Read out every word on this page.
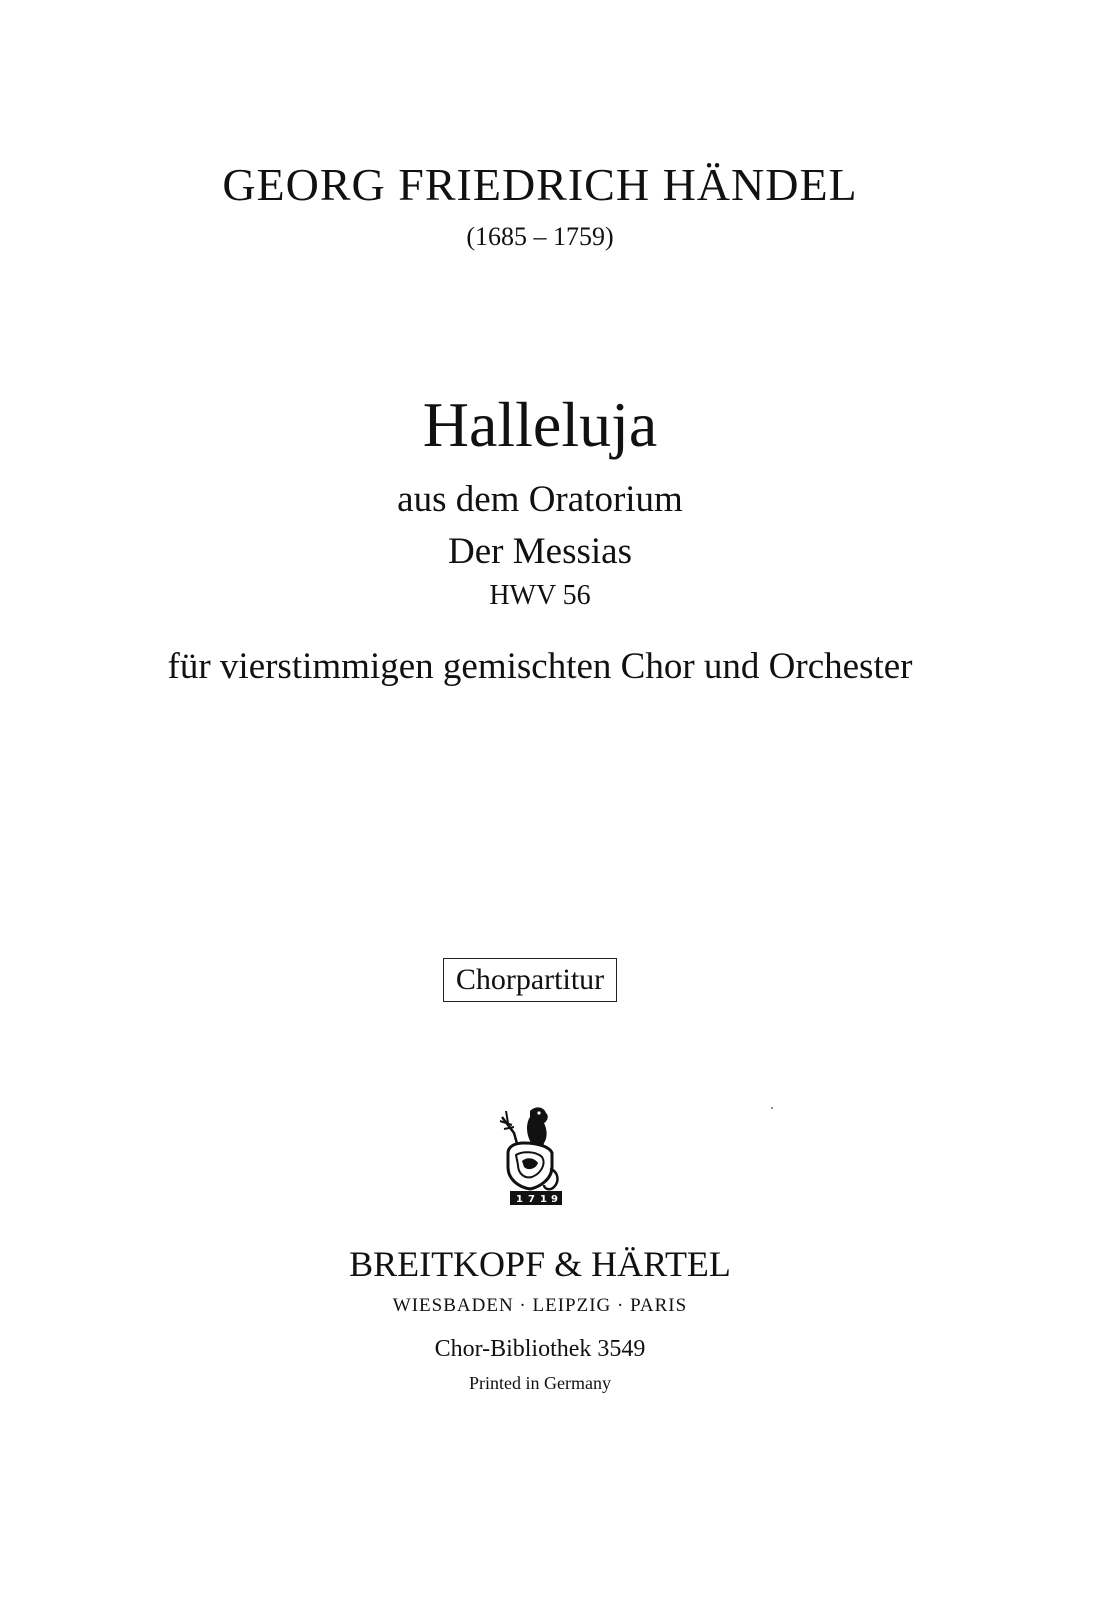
GEORG FRIEDRICH HÄNDEL
(1685 – 1759)
Halleluja
aus dem Oratorium
Der Messias
HWV 56
für vierstimmigen gemischten Chor und Orchester
Chorpartitur
1 7 1 9
BREITKOPF & HÄRTEL
WIESBADEN · LEIPZIG · PARIS
Chor-Bibliothek 3549
Printed in Germany
